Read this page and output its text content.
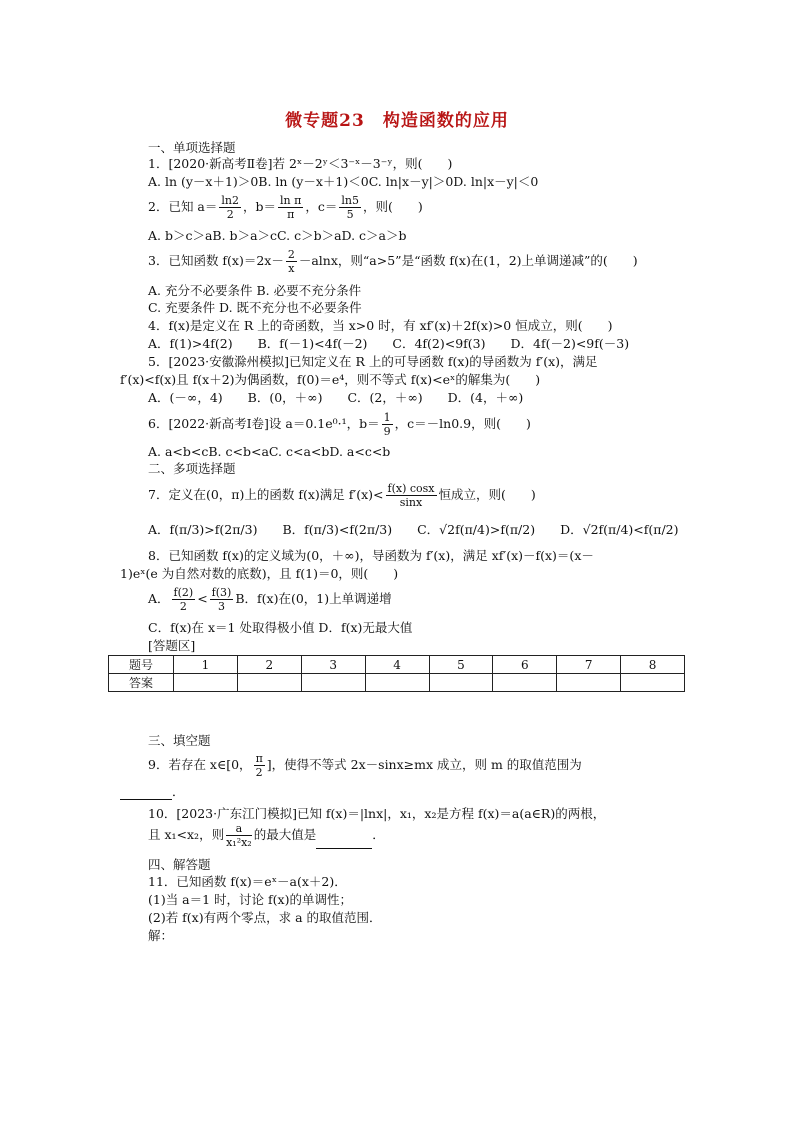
微专题23　构造函数的应用
一、单项选择题
1．[2020·新高考Ⅱ卷]若 2ˣ－2ʸ＜3⁻ˣ－3⁻ʸ，则(　　)
A. ln (y－x＋1)＞0B. ln (y－x＋1)＜0C. ln|x－y|＞0D. ln|x－y|＜0
2．已知 $a= \frac{\ln 2}{2}$ ，$b= \frac{\text{ln π}}{\pi}$ ，$c= \frac{\ln 5}{5}$ ，则(　　)
A. b＞c＞aB. b＞a＞cC. c＞b＞aD. c＞a＞b
3．已知函数 $f(x)=2x- \frac{2}{x} -alnx$，则“a>5”是“函数 f(x)在(1，2)上单调递减”的(　　)
A. 充分不必要条件 B. 必要不充分条件
C. 充要条件 D. 既不充分也不必要条件
4．f(x)是定义在 R 上的奇函数，当 x>0 时，有 xf′(x)＋2f(x)>0 恒成立，则(　　)
A．f(1)>4f(2)　　B．f(－1)<4f(－2)　　C．4f(2)<9f(3)　　D．4f(－2)<9f(－3)
5．[2023·安徽滁州模拟]已知定义在 R 上的可导函数 f(x)的导函数为 f′(x)，满足
f′(x)<f(x)且 f(x＋2)为偶函数，f(0)＝e⁴，则不等式 f(x)<eˣ的解集为(　　)
A．(－∞，4)　　B．(0，＋∞)　　C．(2，＋∞)　　D．(4，＋∞)
6．[2022·新高考Ⅰ卷]设 a＝0.1e⁰·¹，$b= \frac{1}{9}$ ，c＝－ln0.9，则(　　)
A. a<b<cB. c<b<aC. c<a<bD. a<c<b
二、多项选择题
7．定义在(0，π)上的函数 f(x)满足 $f'(x)< \frac{f(x) \cos x}{\sin x}$ 恒成立，则(　　)
A．f(π/3)>f(2π/3)　　B．f(π/3)<f(2π/3)　　C．√2f(π/4)>f(π/2)　　D．√2f(π/4)<f(π/2)
8．已知函数 f(x)的定义域为(0，＋∞)，导函数为 f′(x)，满足 xf′(x)－f(x)＝(x－
1)eˣ(e 为自然对数的底数)，且 f(1)＝0，则(　　)
A． $\frac{f(2)}{2} < \frac{f(3)}{3}$ B．f(x)在(0，1)上单调递增
C．f(x)在 x＝1 处取得极小值 D．f(x)无最大值
[答题区]
题号	1	2	3	4	5	6	7	8
答案								
三、填空题
9．若存在 x∈[0， $\frac{\pi}{2}$ ]，使得不等式 2x－sinx≥mx 成立，则 m 的取值范围为
．
10．[2023·广东江门模拟]已知 f(x)＝|lnx|，x₁，x₂是方程 f(x)＝a(a∈R)的两根，
且 x₁<x₂，则 $\frac{a}{\text{x₁²x₂}}$ 的最大值是	．
四、解答题
11．已知函数 f(x)＝eˣ－a(x＋2)．
(1)当 a＝1 时，讨论 f(x)的单调性；
(2)若 f(x)有两个零点，求 a 的取值范围．
解：
